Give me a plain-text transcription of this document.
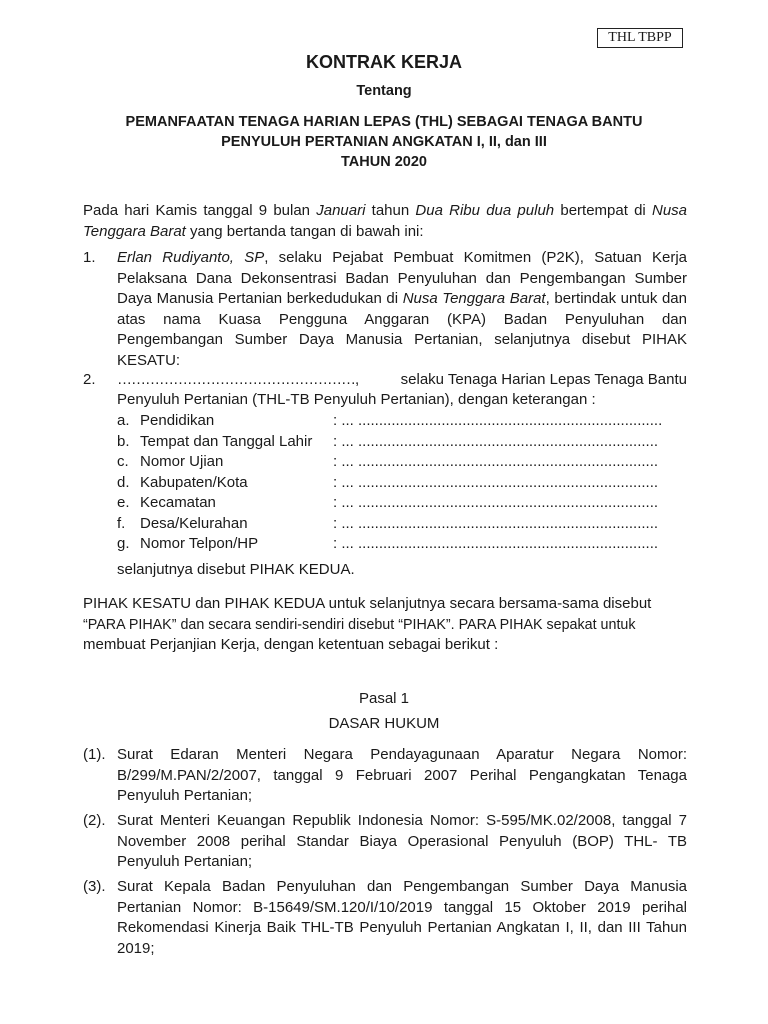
THL TBPP
KONTRAK KERJA
Tentang
PEMANFAATAN TENAGA HARIAN LEPAS (THL) SEBAGAI TENAGA BANTU
PENYULUH PERTANIAN ANGKATAN I, II, dan III
TAHUN 2020

Pada hari Kamis tanggal 9 bulan Januari tahun Dua Ribu dua puluh bertempat di Nusa Tenggara Barat yang bertanda tangan di bawah ini:

1. Erlan Rudiyanto, SP, selaku Pejabat Pembuat Komitmen (P2K), Satuan Kerja Pelaksana Dana Dekonsentrasi Badan Penyuluhan dan Pengembangan Sumber Daya Manusia Pertanian berkedudukan di Nusa Tenggara Barat, bertindak untuk dan atas nama Kuasa Pengguna Anggaran (KPA) Badan Penyuluhan dan Pengembangan Sumber Daya Manusia Pertanian, selanjutnya disebut PIHAK KESATU:

2. ……………………………………………,	selaku Tenaga Harian Lepas Tenaga Bantu
Penyuluh Pertanian (THL-TB Penyuluh Pertanian), dengan keterangan :
a. Pendidikan	: ... .........................................................................
b. Tempat dan Tanggal Lahir	: ... ........................................................................
c. Nomor Ujian	: ... ........................................................................
d. Kabupaten/Kota	: ... ........................................................................
e. Kecamatan	: ... ........................................................................
f. Desa/Kelurahan	: ... ........................................................................
g. Nomor Telpon/HP	: ... ........................................................................
selanjutnya disebut PIHAK KEDUA.
PIHAK KESATU dan PIHAK KEDUA untuk selanjutnya secara bersama-sama disebut
“PARA PIHAK” dan secara sendiri-sendiri disebut “PIHAK”. PARA PIHAK sepakat untuk
membuat Perjanjian Kerja, dengan ketentuan sebagai berikut :
Pasal 1
DASAR HUKUM
(1). Surat Edaran Menteri Negara Pendayagunaan Aparatur Negara Nomor: B/299/M.PAN/2/2007, tanggal 9 Februari 2007 Perihal Pengangkatan Tenaga Penyuluh Pertanian;

(2). Surat Menteri Keuangan Republik Indonesia Nomor: S-595/MK.02/2008, tanggal 7 November 2008 perihal Standar Biaya Operasional Penyuluh (BOP) THL- TB Penyuluh Pertanian;

(3). Surat Kepala Badan Penyuluhan dan Pengembangan Sumber Daya Manusia Pertanian Nomor: B-15649/SM.120/I/10/2019 tanggal 15 Oktober 2019 perihal Rekomendasi Kinerja Baik THL-TB Penyuluh Pertanian Angkatan I, II, dan III Tahun 2019;
